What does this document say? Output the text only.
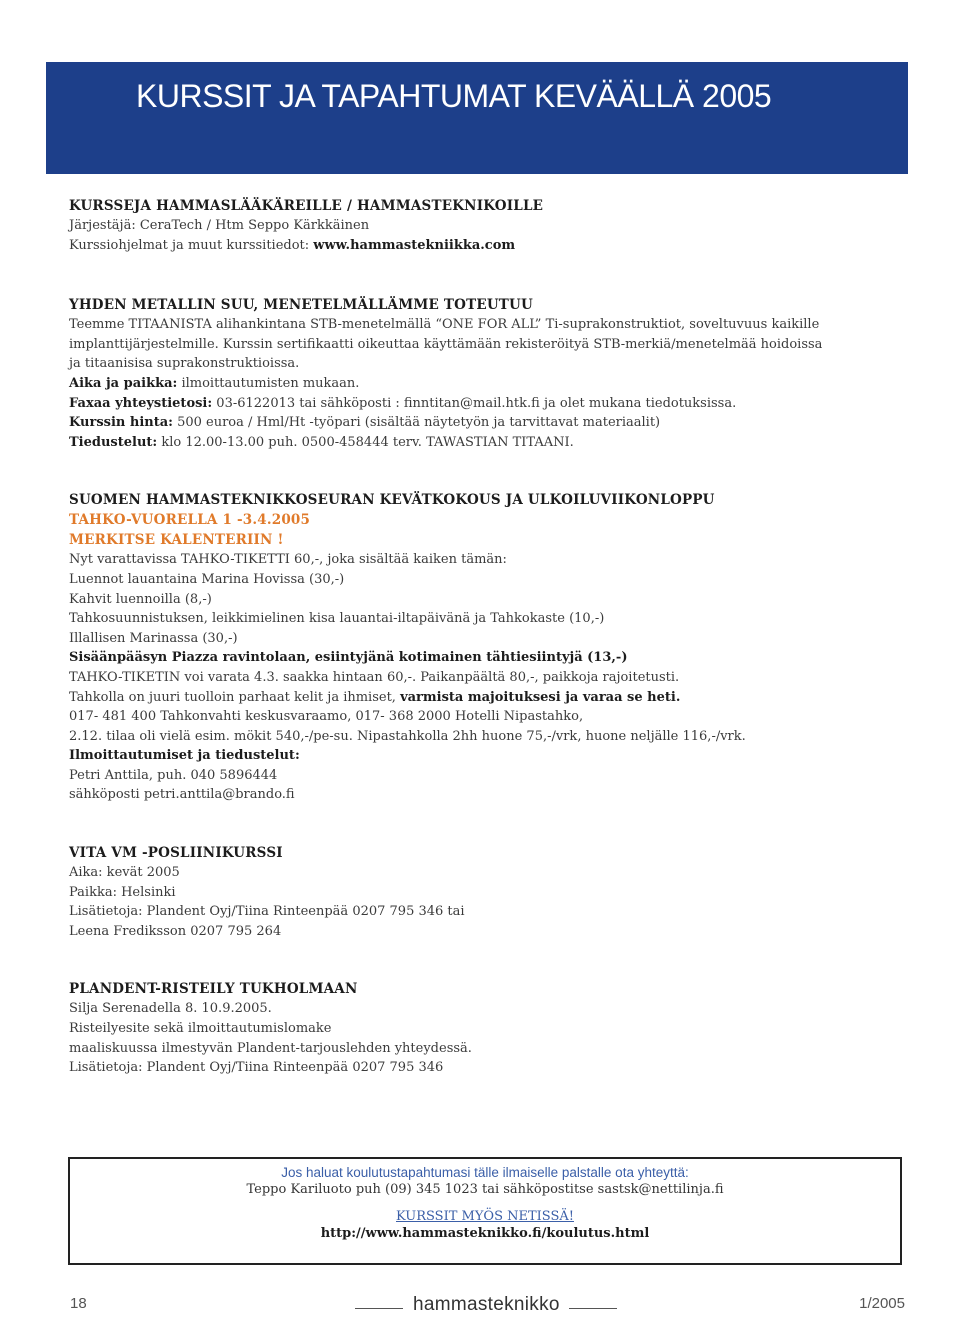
KURSSIT JA TAPAHTUMAT KEVÄÄLLÄ 2005
KURSSEJA HAMMASLÄÄKÄREILLE / HAMMASTEKNIKOILLE
Järjestäjä: CeraTech / Htm Seppo Kärkkäinen
Kurssiohjelmat ja muut kurssitiedot: www.hammastekniikka.com
YHDEN METALLIN SUU, MENETELMÄLLÄMME TOTEUTUU
Teemme TITAANISTA alihankintana STB-menetelmällä “ONE FOR ALL” Ti-suprakonstruktiot, soveltuvuus kaikille implanttijärjestelmille. Kurssin sertifikaatti oikeuttaa käyttämään rekisteröityä STB-merkiä/menetelmää hoidoissa ja titaanisisa suprakonstruktioissa.
Aika ja paikka: ilmoittautumisten mukaan.
Faxaa yhteystietosi: 03-6122013 tai sähköposti : finntitan@mail.htk.fi ja olet mukana tiedotuksissa.
Kurssin hinta: 500 euroa / Hml/Ht -työpari (sisältää näytetyön ja tarvittavat materiaalit)
Tiedustelut: klo 12.00-13.00 puh. 0500-458444 terv. TAWASTIAN TITAANI.
SUOMEN HAMMASTEKNIKKOSEURAN KEVÄTKOKOUS JA ULKOILUVIIKONLOPPU
TAHKO-VUORELLA 1 -3.4.2005
MERKITSE KALENTERIIN !
Nyt varattavissa TAHKO-TIKETTI 60,-, joka sisältää kaiken tämän:
Luennot lauantaina Marina Hovissa (30,-)
Kahvit luennoilla (8,-)
Tahkosuunnistuksen, leikkimielinen kisa lauantai-iltapäivänä ja Tahkokaste (10,-)
Illallisen Marinassa (30,-)
Sisäänpääsyn Piazza ravintolaan, esiintyjänä kotimainen tähtiesiintyjä (13,-)
TAHKO-TIKETIN voi varata 4.3. saakka hintaan 60,-. Paikanpäältä 80,-, paikkoja rajoitetusti.
Tahkolla on juuri tuolloin parhaat kelit ja ihmiset, varmista majoituksesi ja varaa se heti.
017- 481 400 Tahkonvahti keskusvaraamo, 017- 368 2000 Hotelli Nipastahko,
2.12. tilaa oli vielä esim. mökit 540,-/pe-su. Nipastahkolla 2hh huone 75,-/vrk, huone neljälle 116,-/vrk.
Ilmoittautumiset ja tiedustelut:
Petri Anttila, puh. 040 5896444
sähköposti petri.anttila@brando.fi
VITA VM -POSLIINIKURSSI
Aika: kevät 2005
Paikka: Helsinki
Lisätietoja: Plandent Oyj/Tiina Rinteenpää 0207 795 346 tai
Leena Frediksson 0207 795 264
PLANDENT-RISTEILY TUKHOLMAAN
Silja Serenadella 8. 10.9.2005.
Risteilyesite sekä ilmoittautumislomake
maaliskuussa ilmestyvän Plandent-tarjouslehden yhteydessä.
Lisätietoja: Plandent Oyj/Tiina Rinteenpää 0207 795 346
Jos haluat koulutustapahtumasi tälle ilmaiselle palstalle ota yhteyttä:
Teppo Kariluoto puh (09) 345 1023 tai sähköpostitse sastsk@nettilinja.fi
KURSSIT MYÖS NETISSÄ!
http://www.hammasteknikko.fi/koulutus.html
18	hammasteknikko	1/2005
